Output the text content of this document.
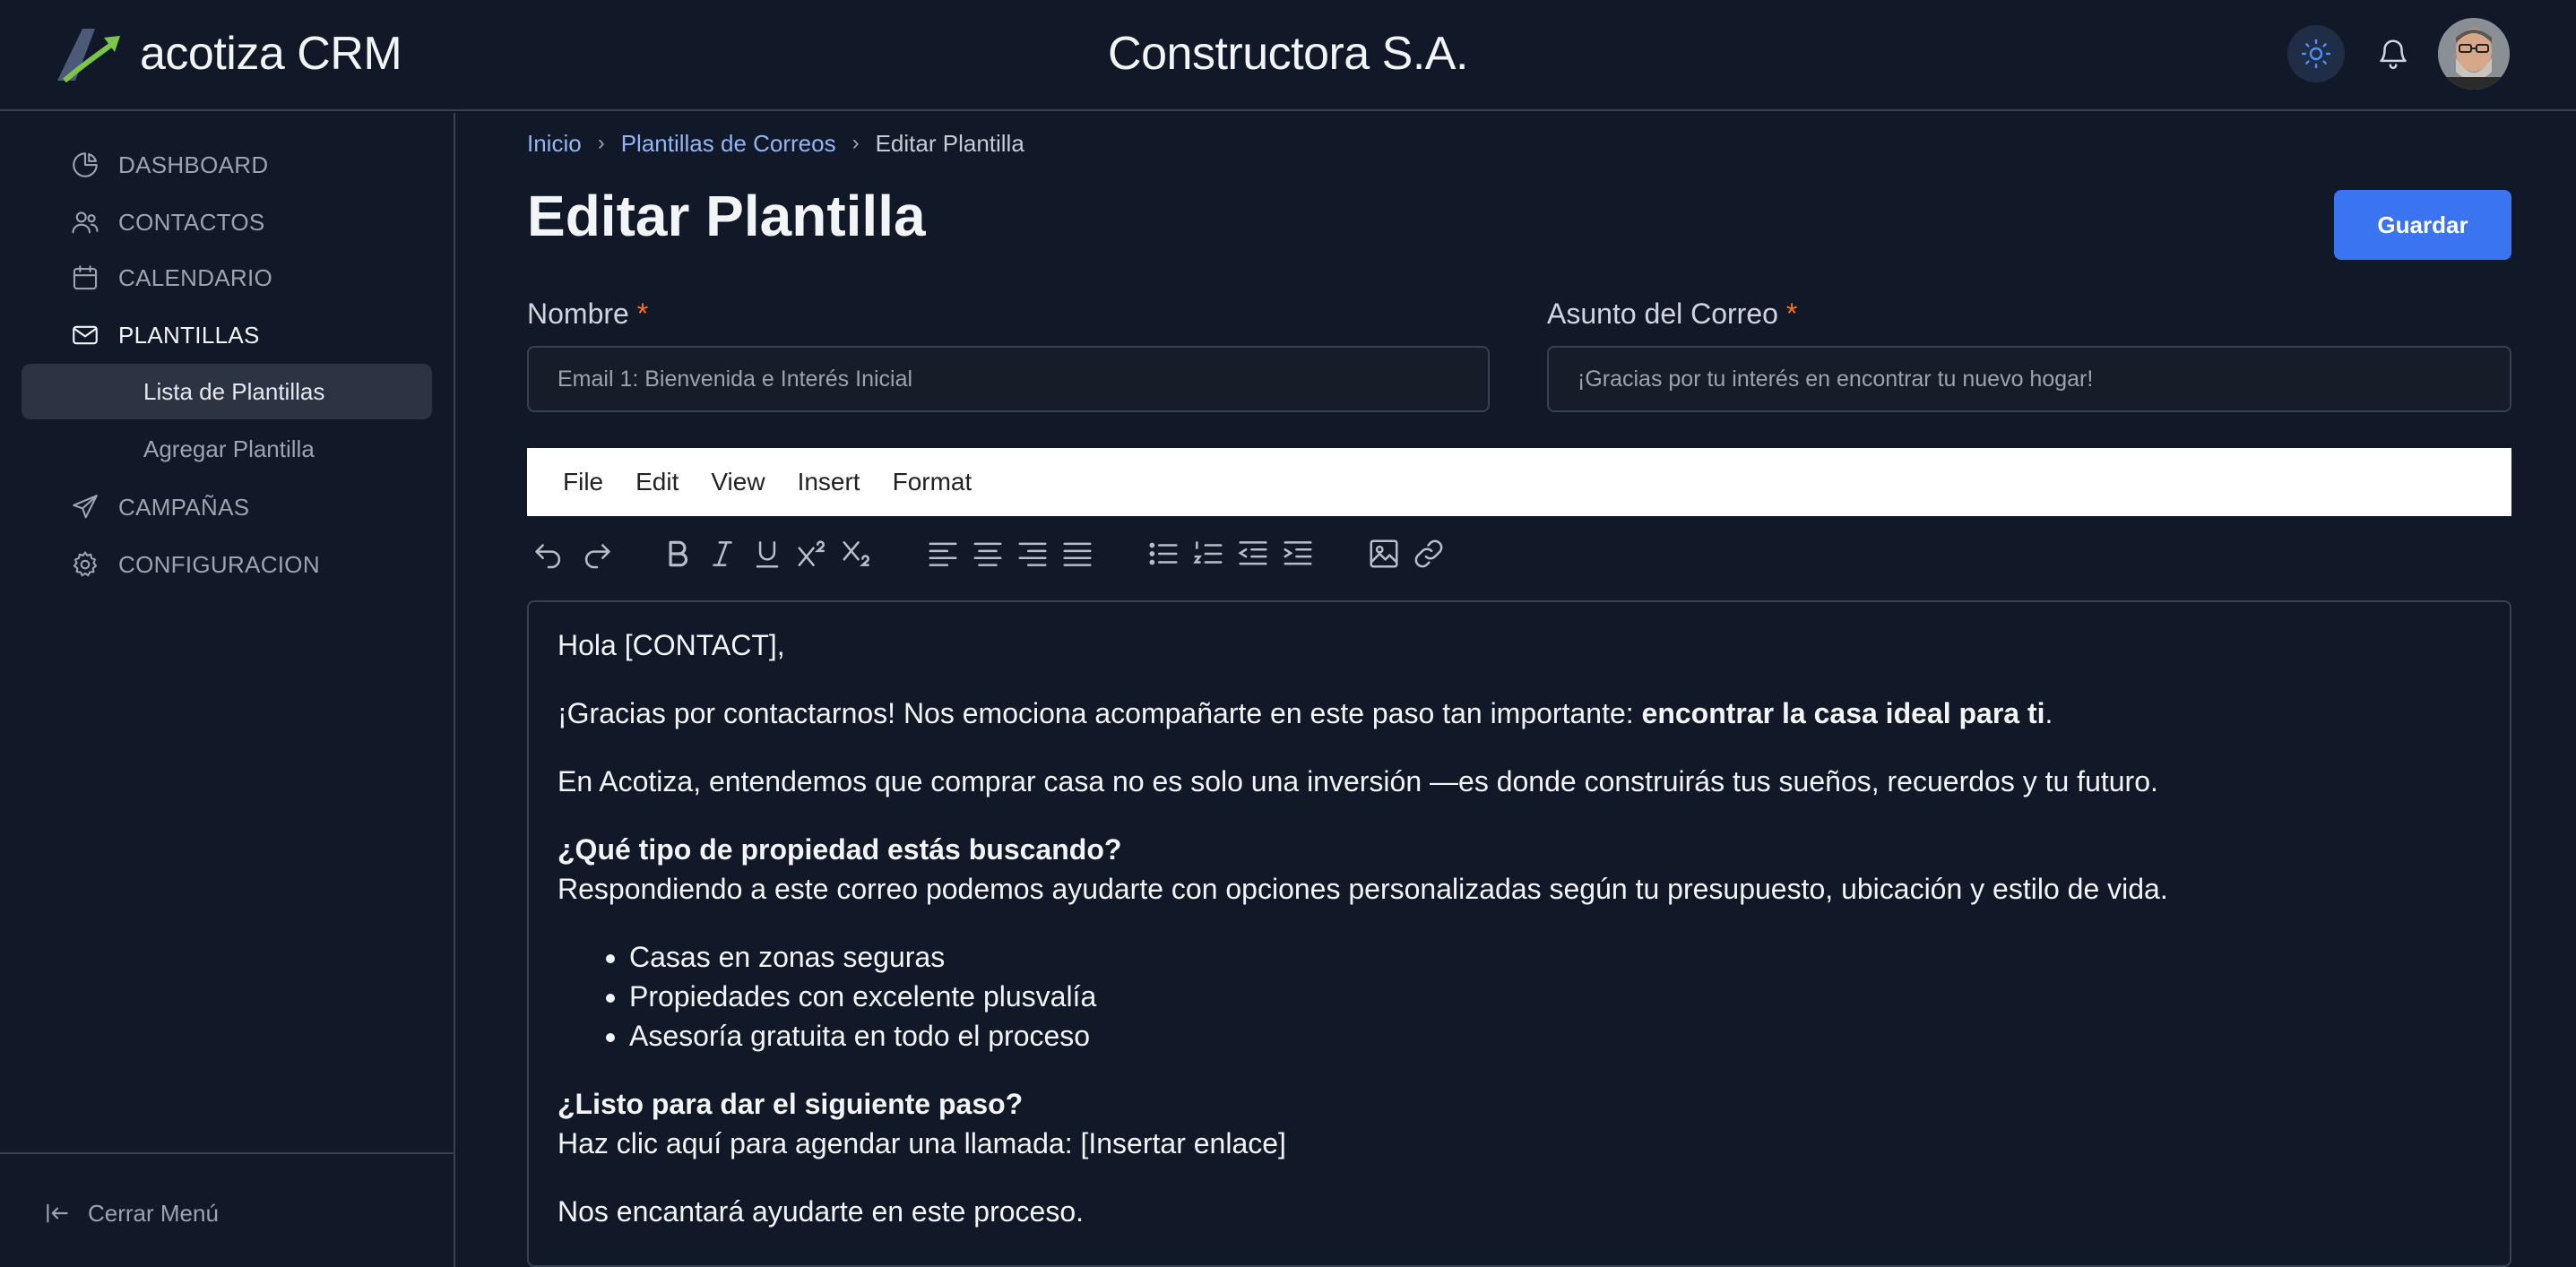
acotiza CRM	Constructora S.A.
DASHBOARD
CONTACTOS
CALENDARIO
PLANTILLAS
Lista de Plantillas
Agregar Plantilla
CAMPAÑAS
CONFIGURACION
Cerrar Menú
Inicio › Plantillas de Correos › Editar Plantilla
Editar Plantilla	Guardar
Nombre *
Email 1: Bienvenida e Interés Inicial	Asunto del Correo *
¡Gracias por tu interés en encontrar tu nuevo hogar!
File Edit View Insert Format

Hola [CONTACT],

¡Gracias por contactarnos! Nos emociona acompañarte en este paso tan importante: encontrar la casa ideal para ti.

En Acotiza, entendemos que comprar casa no es solo una inversión —es donde construirás tus sueños, recuerdos y tu futuro.

¿Qué tipo de propiedad estás buscando?
Respondiendo a este correo podemos ayudarte con opciones personalizadas según tu presupuesto, ubicación y estilo de vida.

• Casas en zonas seguras
• Propiedades con excelente plusvalía
• Asesoría gratuita en todo el proceso

¿Listo para dar el siguiente paso?
Haz clic aquí para agendar una llamada: [Insertar enlace]

Nos encantará ayudarte en este proceso.
